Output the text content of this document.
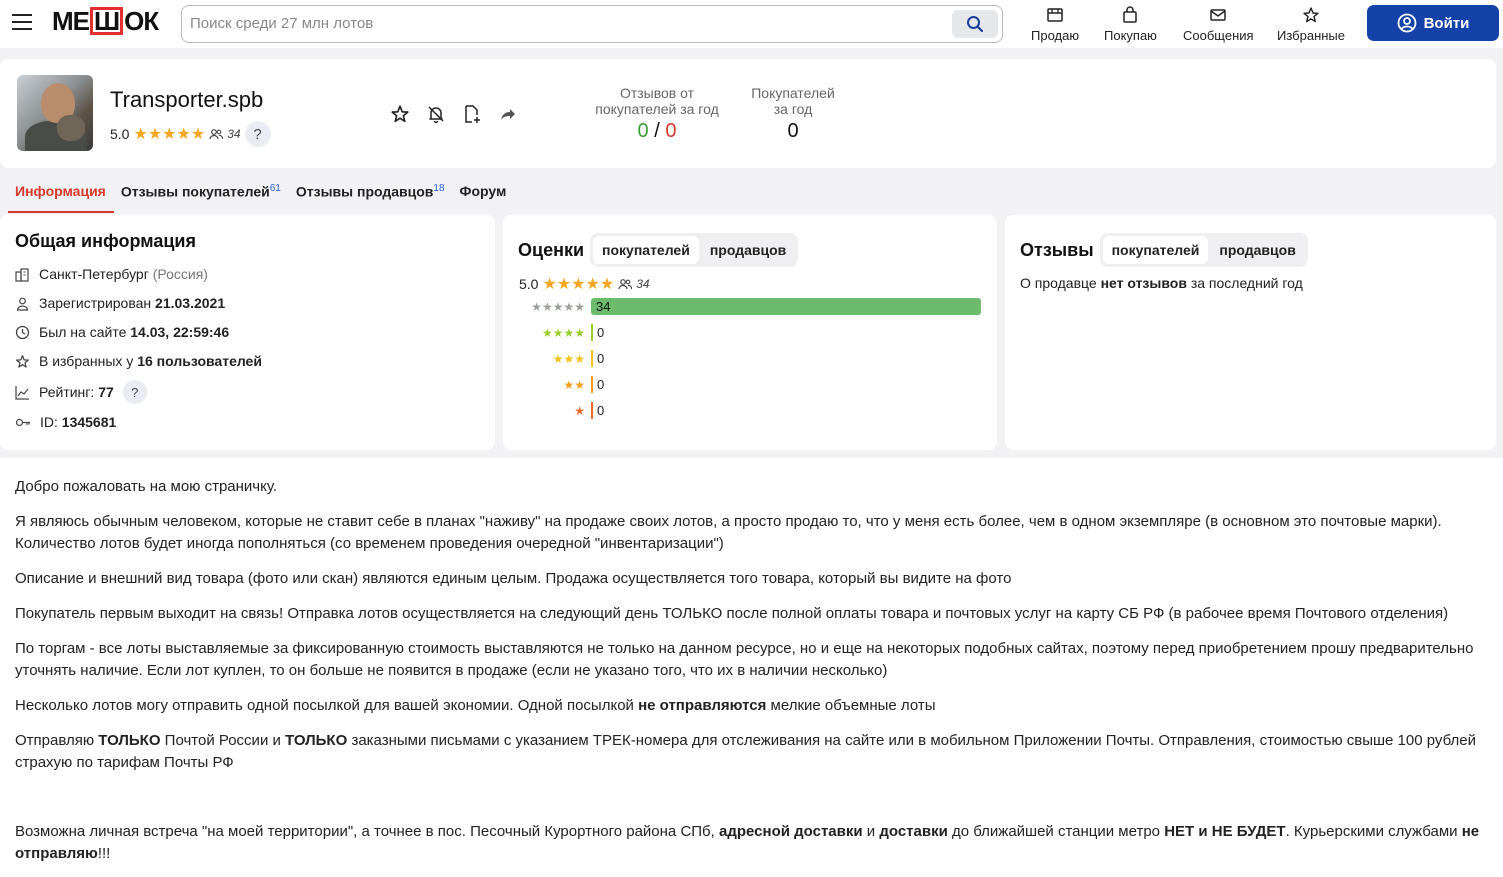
МЕ Ш ОК
Поиск среди 27 млн лотов	Продаю Покупаю Сообщения Избранные
Войти
Transporter.spb
5.0 ★★★★★ 34 ?
Отзывов от
покупателей за год
0 / 0
Покупателей
за год
0
Информация	Отзывы покупателей$^{61}$	Отзывы продавцов$^{18}$	Форум
Общая информация
Санкт-Петербург (Россия)
Зарегистрирован 21.03.2021
Был на сайте 14.03, 22:59:46
В избранных у 16 пользователей
Рейтинг: 77	?
ID: 1345681
Оценки	покупателей	продавцов
5.0 ★★★★★ 34
★★★★★ 34
★★★★ 0
★★★ 0
★★ 0
★ 0
Отзывы	покупателей	продавцов
О продавце нет отзывов за последний год

Добро пожаловать на мою страничку.

Я являюсь обычным человеком, которые не ставит себе в планах "наживу" на продаже своих лотов, а просто продаю то, что у меня есть более, чем в одном экземпляре (в основном это почтовые марки). Количество лотов будет иногда пополняться (со временем проведения очередной "инвентаризации")

Описание и внешний вид товара (фото или скан) являются единым целым. Продажа осуществляется того товара, который вы видите на фото

Покупатель первым выходит на связь! Отправка лотов осуществляется на следующий день ТОЛЬКО после полной оплаты товара и почтовых услуг на карту СБ РФ (в рабочее время Почтового отделения)

По торгам - все лоты выставляемые за фиксированную стоимость выставляются не только на данном ресурсе, но и еще на некоторых подобных сайтах, поэтому перед приобретением прошу предварительно уточнять наличие. Если лот куплен, то он больше не появится в продаже (если не указано того, что их в наличии несколько)

Несколько лотов могу отправить одной посылкой для вашей экономии. Одной посылкой не отправляются мелкие объемные лоты

Отправляю ТОЛЬКО Почтой России и ТОЛЬКО заказными письмами с указанием ТРЕК-номера для отслеживания на сайте или в мобильном Приложении Почты. Отправления, стоимостью свыше 100 рублей страхую по тарифам Почты РФ

Возможна личная встреча "на моей территории", а точнее в пос. Песочный Курортного района СПб, адресной доставки и доставки до ближайшей станции метро НЕТ и НЕ БУДЕТ. Курьерскими службами не отправляю!!!
